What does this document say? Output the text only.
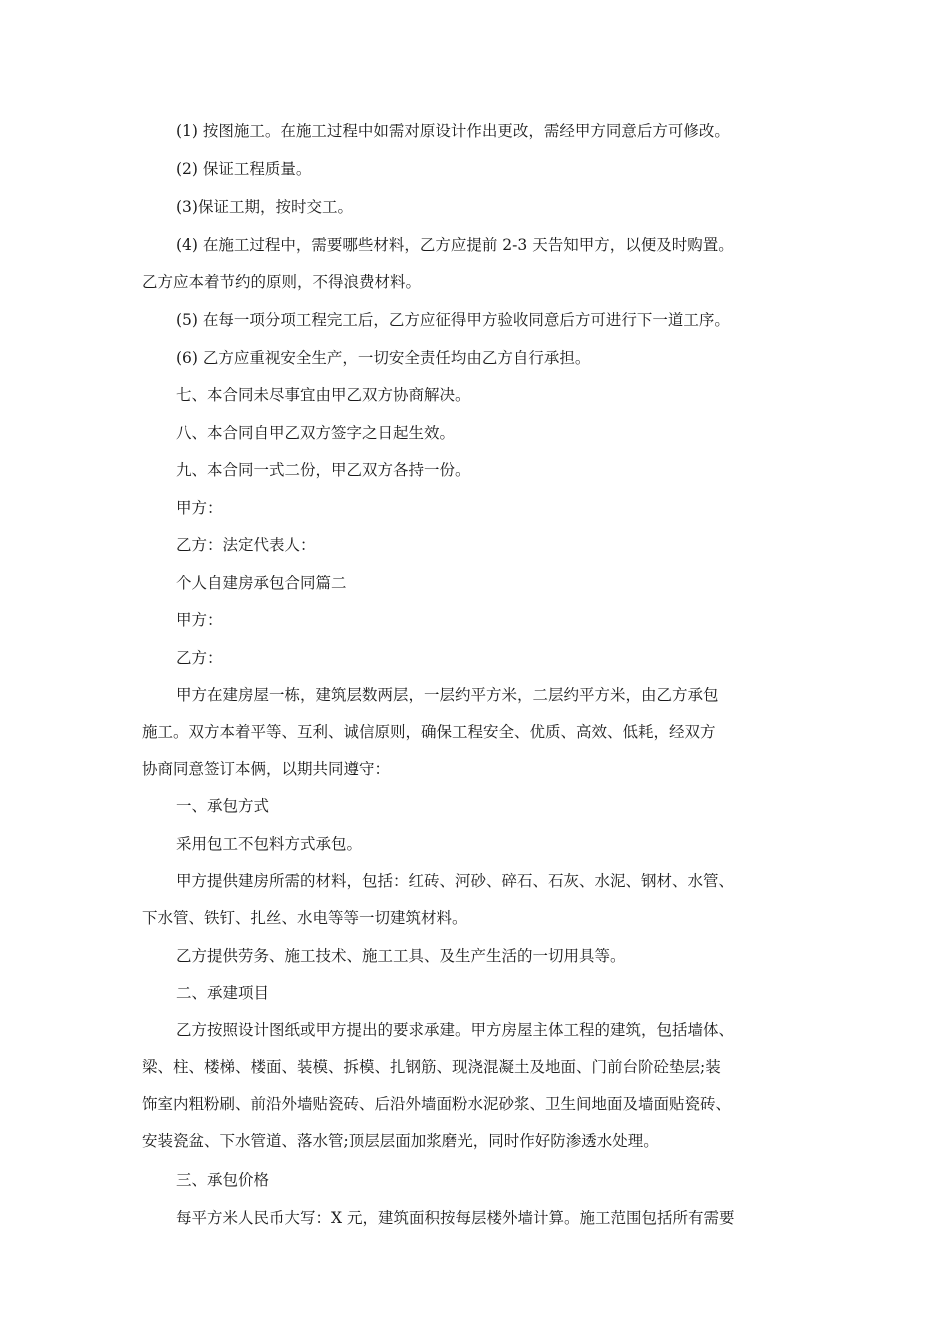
(1) 按图施工。在施工过程中如需对原设计作出更改，需经甲方同意后方可修改。

(2) 保证工程质量。

(3)保证工期，按时交工。

(4) 在施工过程中，需要哪些材料，乙方应提前 2-3 天告知甲方，以便及时购置。
乙方应本着节约的原则，不得浪费材料。

(5) 在每一项分项工程完工后，乙方应征得甲方验收同意后方可进行下一道工序。

(6) 乙方应重视安全生产，一切安全责任均由乙方自行承担。

七、本合同未尽事宜由甲乙双方协商解决。

八、本合同自甲乙双方签字之日起生效。

九、本合同一式二份，甲乙双方各持一份。

甲方：

乙方：法定代表人：

个人自建房承包合同篇二

甲方：

乙方：

甲方在建房屋一栋，建筑层数两层，一层约平方米，二层约平方米，由乙方承包
施工。双方本着平等、互利、诚信原则，确保工程安全、优质、高效、低耗，经双方
协商同意签订本俩，以期共同遵守：

一、承包方式

采用包工不包料方式承包。

甲方提供建房所需的材料，包括：红砖、河砂、碎石、石灰、水泥、钢材、水管、
下水管、铁钉、扎丝、水电等等一切建筑材料。

乙方提供劳务、施工技术、施工工具、及生产生活的一切用具等。

二、承建项目

乙方按照设计图纸或甲方提出的要求承建。甲方房屋主体工程的建筑，包括墙体、
梁、柱、楼梯、楼面、装模、拆模、扎钢筋、现浇混凝土及地面、门前台阶砼垫层;装
饰室内粗粉刷、前沿外墙贴瓷砖、后沿外墙面粉水泥砂浆、卫生间地面及墙面贴瓷砖、
安装瓷盆、下水管道、落水管;顶层层面加浆磨光，同时作好防渗透水处理。

三、承包价格

每平方米人民币大写：X 元，建筑面积按每层楼外墙计算。施工范围包括所有需要
